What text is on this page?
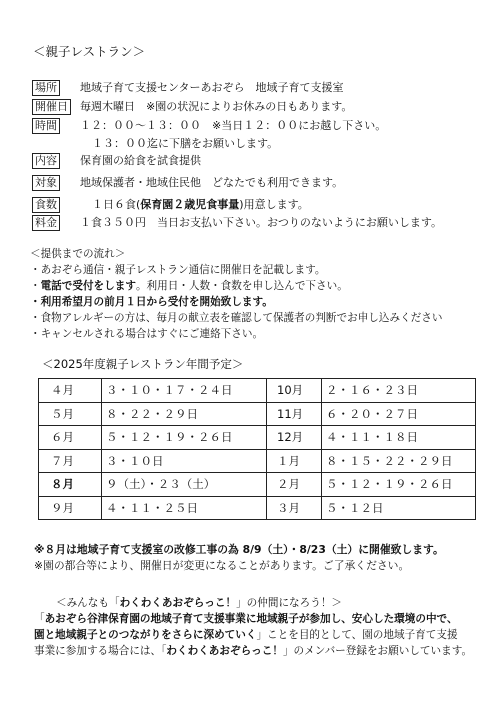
＜親子レストラン＞
場所 地域子育て支援センターあおぞら　地域子育て支援室
開催日 毎週木曜日　※園の状況によりお休みの日もあります。
時間 １２：００～１３：００　※当日１２：００にお越し下さい。
１３：００迄に下膳をお願いします。
内容 保育園の給食を試食提供
対象 地域保護者・地域住民他　どなたでも利用できます。
食数	１日６食(保育園２歳児食事量)用意します。
料金 １食３５０円　当日お支払い下さい。おつりのないようにお願いします。
＜提供までの流れ＞
・あおぞら通信・親子レストラン通信に開催日を記載します。
・電話で受付をします。利用日・人数・食数を申し込んで下さい。
・利用希望月の前月１日から受付を開始致します。
・食物アレルギーの方は、毎月の献立表を確認して保護者の判断でお申し込みください
・キャンセルされる場合はすぐにご連絡下さい。
＜2025年度親子レストラン年間予定＞
４月	３・１０・１７・２４日	10月	２・１６・２３日
５月	８・２２・２９日	11月	６・２０・２７日
６月	５・１２・１９・２６日	12月	４・１１・１８日
７月	３・１０日	１月	８・１５・２２・２９日
８月	９（土）・２３（土）	２月	５・１２・１９・２６日
９月	４・１１・２５日	３月	５・１２日
※８月は地域子育て支援室の改修工事の為 8/9（土）・8/23（土）に開催致します。
※園の都合等により、開催日が変更になることがあります。ご了承ください。
＜みんなも「わくわくあおぞらっこ！」の仲間になろう！＞
「あおぞら谷津保育園の地域子育て支援事業に地域親子が参加し、安心した環境の中で、
園と地域親子とのつながりをさらに深めていく」ことを目的として、園の地域子育て支援
事業に参加する場合には、「わくわくあおぞらっこ！」のメンバー登録をお願いしています。
